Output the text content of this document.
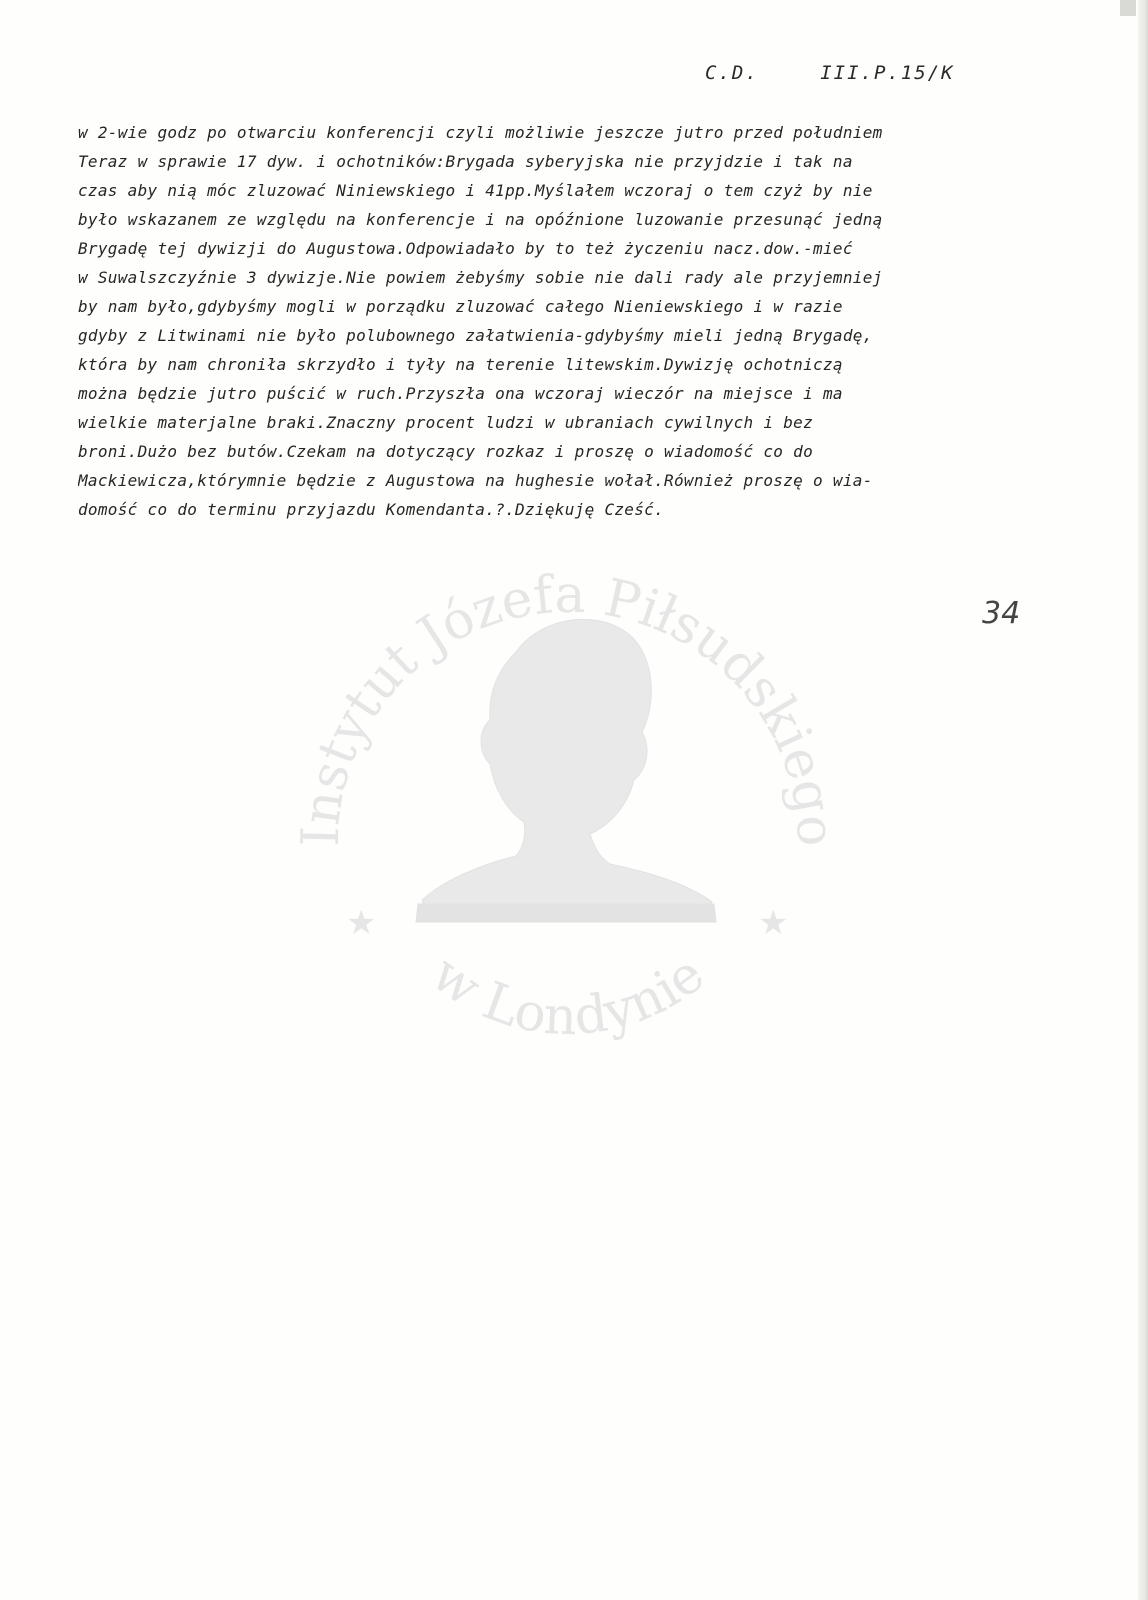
Instytut Józefa Piłsudskiego
w Londynie
★	★
C.D.	III.P.15/K
w 2-wie godz po otwarciu konferencji czyli możliwie jeszcze jutro przed południem
Teraz w sprawie 17 dyw. i ochotników:Brygada syberyjska nie przyjdzie i tak na
czas aby nią móc zluzować Niniewskiego i 41pp.Myślałem wczoraj o tem czyż by nie
było wskazanem ze względu na konferencje i na opóźnione luzowanie przesunąć jedną
Brygadę tej dywizji do Augustowa.Odpowiadało by to też życzeniu nacz.dow.-mieć
w Suwalszczyźnie 3 dywizje.Nie powiem żebyśmy sobie nie dali rady ale przyjemniej
by nam było,gdybyśmy mogli w porządku zluzować całego Nieniewskiego i w razie
gdyby z Litwinami nie było polubownego załatwienia-gdybyśmy mieli jedną Brygadę,
która by nam chroniła skrzydło i tyły na terenie litewskim.Dywizję ochotniczą
można będzie jutro puścić w ruch.Przyszła ona wczoraj wieczór na miejsce i ma
wielkie materjalne braki.Znaczny procent ludzi w ubraniach cywilnych i bez
broni.Dużo bez butów.Czekam na dotyczący rozkaz i proszę o wiadomość co do
Mackiewicza,którymnie będzie z Augustowa na hughesie wołał.Również proszę o wia-
domość co do terminu przyjazdu Komendanta.?.Dziękuję Cześć.
34
